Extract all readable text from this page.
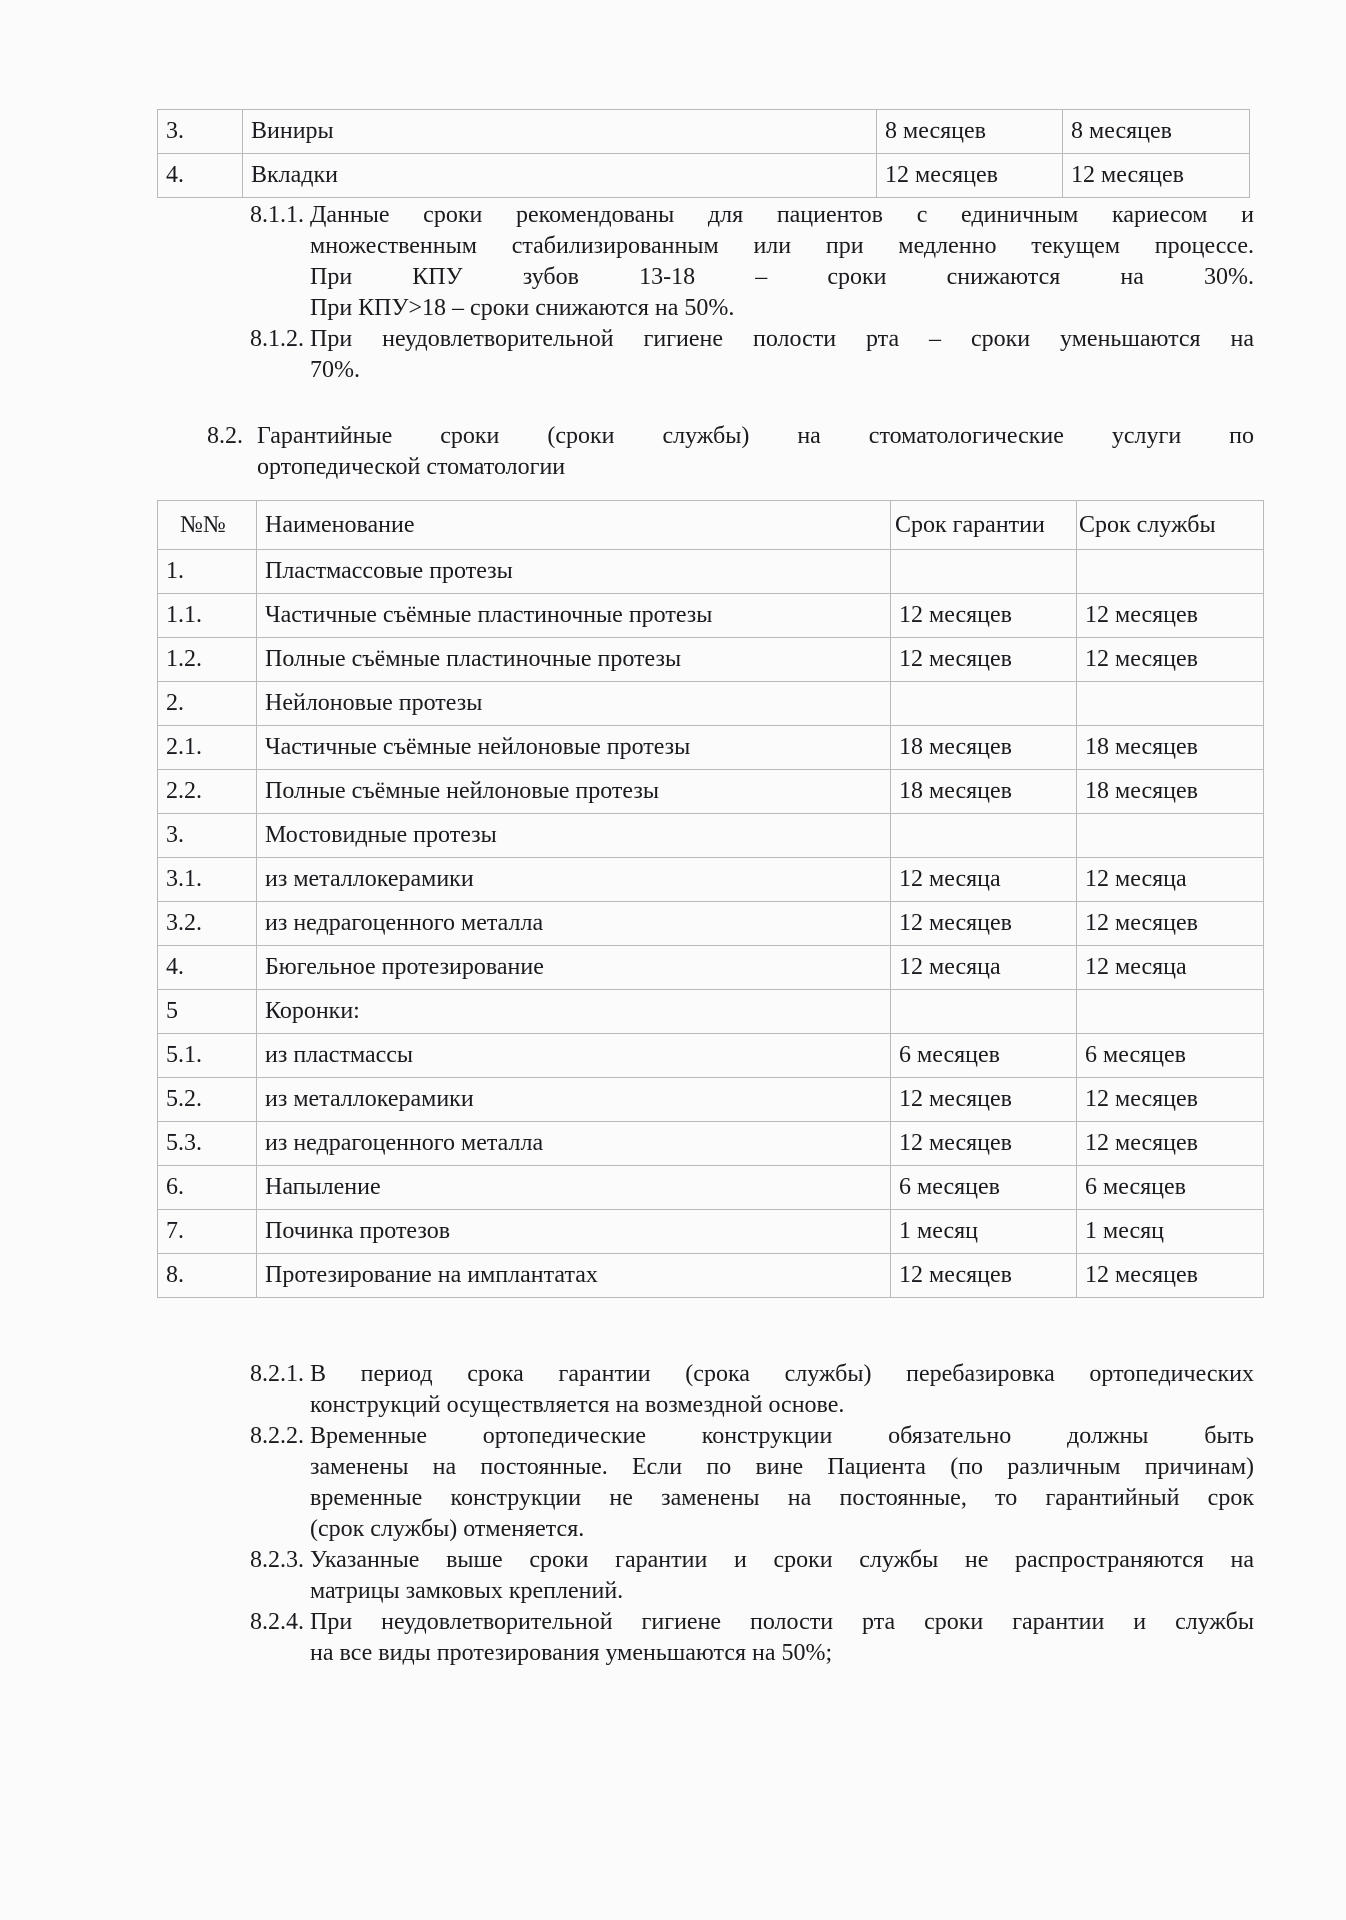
3.	Виниры	8 месяцев	8 месяцев
4.	Вкладки	12 месяцев	12 месяцев
8.1.1. Данные сроки рекомендованы для пациентов с единичным кариесом и
множественным стабилизированным или при медленно текущем процессе.
При КПУ зубов 13-18 – сроки снижаются на 30%.
При КПУ>18 – сроки снижаются на 50%.
8.1.2. При неудовлетворительной гигиене полости рта – сроки уменьшаются на
70%.
8.2. Гарантийные сроки (сроки службы) на стоматологические услуги по
ортопедической стоматологии
№№	Наименование	Срок гарантии	Срок службы
1.	Пластмассовые протезы		
1.1.	Частичные съёмные пластиночные протезы	12 месяцев	12 месяцев
1.2.	Полные съёмные пластиночные протезы	12 месяцев	12 месяцев
2.	Нейлоновые протезы		
2.1.	Частичные съёмные нейлоновые протезы	18 месяцев	18 месяцев
2.2.	Полные съёмные нейлоновые протезы	18 месяцев	18 месяцев
3.	Мостовидные протезы		
3.1.	из металлокерамики	12 месяца	12 месяца
3.2.	из недрагоценного металла	12 месяцев	12 месяцев
4.	Бюгельное протезирование	12 месяца	12 месяца
5	Коронки:		
5.1.	из пластмассы	6 месяцев	6 месяцев
5.2.	из металлокерамики	12 месяцев	12 месяцев
5.3.	из недрагоценного металла	12 месяцев	12 месяцев
6.	Напыление	6 месяцев	6 месяцев
7.	Починка протезов	1 месяц	1 месяц
8.	Протезирование на имплантатах	12 месяцев	12 месяцев
8.2.1. В период срока гарантии (срока службы) перебазировка ортопедических
конструкций осуществляется на возмездной основе.
8.2.2. Временные ортопедические конструкции обязательно должны быть
заменены на постоянные. Если по вине Пациента (по различным причинам)
временные конструкции не заменены на постоянные, то гарантийный срок
(срок службы) отменяется.
8.2.3. Указанные выше сроки гарантии и сроки службы не распространяются на
матрицы замковых креплений.
8.2.4. При неудовлетворительной гигиене полости рта сроки гарантии и службы
на все виды протезирования уменьшаются на 50%;
